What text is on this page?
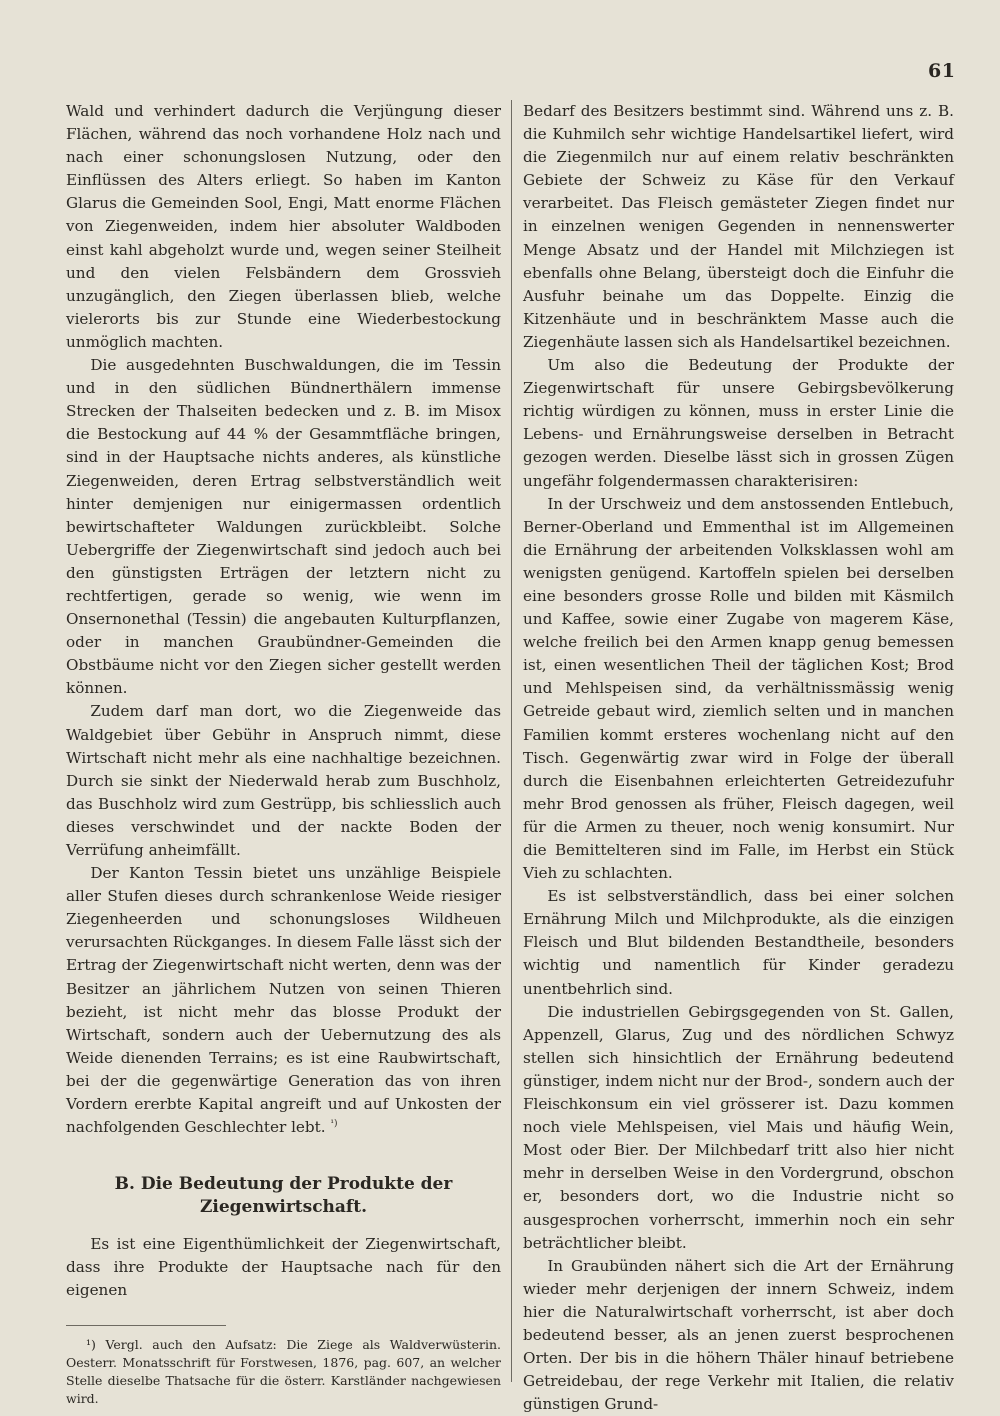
61

Wald und verhindert dadurch die Verjüngung dieser Flächen, während das noch vorhandene Holz nach und nach einer schonungslosen Nutzung, oder den Einflüssen des Alters erliegt. So haben im Kanton Glarus die Gemeinden Sool, Engi, Matt enorme Flächen von Ziegenweiden, indem hier absoluter Waldboden einst kahl abgeholzt wurde und, wegen seiner Steilheit und den vielen Felsbändern dem Grossvieh unzugänglich, den Ziegen überlassen blieb, welche vielerorts bis zur Stunde eine Wiederbestockung unmöglich machten.

Die ausgedehnten Buschwaldungen, die im Tessin und in den südlichen Bündnerthälern immense Strecken der Thalseiten bedecken und z. B. im Misox die Bestockung auf 44 % der Gesammtfläche bringen, sind in der Hauptsache nichts anderes, als künstliche Ziegenweiden, deren Ertrag selbstverständlich weit hinter demjenigen nur einigermassen ordentlich bewirtschafteter Waldungen zurückbleibt. Solche Uebergriffe der Ziegenwirtschaft sind jedoch auch bei den günstigsten Erträgen der letztern nicht zu rechtfertigen, gerade so wenig, wie wenn im Onsernonethal (Tessin) die angebauten Kulturpflanzen, oder in manchen Graubündner-Gemeinden die Obstbäume nicht vor den Ziegen sicher gestellt werden können.

Zudem darf man dort, wo die Ziegenweide das Waldgebiet über Gebühr in Anspruch nimmt, diese Wirtschaft nicht mehr als eine nachhaltige bezeichnen. Durch sie sinkt der Niederwald herab zum Buschholz, das Buschholz wird zum Gestrüpp, bis schliesslich auch dieses verschwindet und der nackte Boden der Verrüfung anheimfällt.

Der Kanton Tessin bietet uns unzählige Beispiele aller Stufen dieses durch schrankenlose Weide riesiger Ziegenheerden und schonungsloses Wildheuen verursachten Rückganges. In diesem Falle lässt sich der Ertrag der Ziegenwirtschaft nicht werten, denn was der Besitzer an jährlichem Nutzen von seinen Thieren bezieht, ist nicht mehr das blosse Produkt der Wirtschaft, sondern auch der Uebernutzung des als Weide dienenden Terrains; es ist eine Raubwirtschaft, bei der die gegenwärtige Generation das von ihren Vordern ererbte Kapital angreift und auf Unkosten der nachfolgenden Geschlechter lebt. $^{^1)}$

B. Die Bedeutung der Produkte der
Ziegenwirtschaft.

Es ist eine Eigenthümlichkeit der Ziegenwirtschaft, dass ihre Produkte der Hauptsache nach für den eigenen

¹) Vergl. auch den Aufsatz: Die Ziege als Waldverwüsterin. Oesterr. Monatsschrift für Forstwesen, 1876, pag. 607, an welcher Stelle dieselbe Thatsache für die österr. Karstländer nachgewiesen wird.

Bedarf des Besitzers bestimmt sind. Während uns z. B. die Kuhmilch sehr wichtige Handelsartikel liefert, wird die Ziegenmilch nur auf einem relativ beschränkten Gebiete der Schweiz zu Käse für den Verkauf verarbeitet. Das Fleisch gemästeter Ziegen findet nur in einzelnen wenigen Gegenden in nennenswerter Menge Absatz und der Handel mit Milchziegen ist ebenfalls ohne Belang, übersteigt doch die Einfuhr die Ausfuhr beinahe um das Doppelte. Einzig die Kitzenhäute und in beschränktem Masse auch die Ziegenhäute lassen sich als Handelsartikel bezeichnen.

Um also die Bedeutung der Produkte der Ziegenwirtschaft für unsere Gebirgsbevölkerung richtig würdigen zu können, muss in erster Linie die Lebens- und Ernährungsweise derselben in Betracht gezogen werden. Dieselbe lässt sich in grossen Zügen ungefähr folgendermassen charakterisiren:

In der Urschweiz und dem anstossenden Entlebuch, Berner-Oberland und Emmenthal ist im Allgemeinen die Ernährung der arbeitenden Volksklassen wohl am wenigsten genügend. Kartoffeln spielen bei derselben eine besonders grosse Rolle und bilden mit Käsmilch und Kaffee, sowie einer Zugabe von magerem Käse, welche freilich bei den Armen knapp genug bemessen ist, einen wesentlichen Theil der täglichen Kost; Brod und Mehlspeisen sind, da verhältnissmässig wenig Getreide gebaut wird, ziemlich selten und in manchen Familien kommt ersteres wochenlang nicht auf den Tisch. Gegenwärtig zwar wird in Folge der überall durch die Eisenbahnen erleichterten Getreidezufuhr mehr Brod genossen als früher, Fleisch dagegen, weil für die Armen zu theuer, noch wenig konsumirt. Nur die Bemittelteren sind im Falle, im Herbst ein Stück Vieh zu schlachten.

Es ist selbstverständlich, dass bei einer solchen Ernährung Milch und Milchprodukte, als die einzigen Fleisch und Blut bildenden Bestandtheile, besonders wichtig und namentlich für Kinder geradezu unentbehrlich sind.

Die industriellen Gebirgsgegenden von St. Gallen, Appenzell, Glarus, Zug und des nördlichen Schwyz stellen sich hinsichtlich der Ernährung bedeutend günstiger, indem nicht nur der Brod-, sondern auch der Fleischkonsum ein viel grösserer ist. Dazu kommen noch viele Mehlspeisen, viel Mais und häufig Wein, Most oder Bier. Der Milchbedarf tritt also hier nicht mehr in derselben Weise in den Vordergrund, obschon er, besonders dort, wo die Industrie nicht so ausgesprochen vorherrscht, immerhin noch ein sehr beträchtlicher bleibt.

In Graubünden nähert sich die Art der Ernährung wieder mehr derjenigen der innern Schweiz, indem hier die Naturalwirtschaft vorherrscht, ist aber doch bedeutend besser, als an jenen zuerst besprochenen Orten. Der bis in die höhern Thäler hinauf betriebene Getreidebau, der rege Verkehr mit Italien, die relativ günstigen Grund-
